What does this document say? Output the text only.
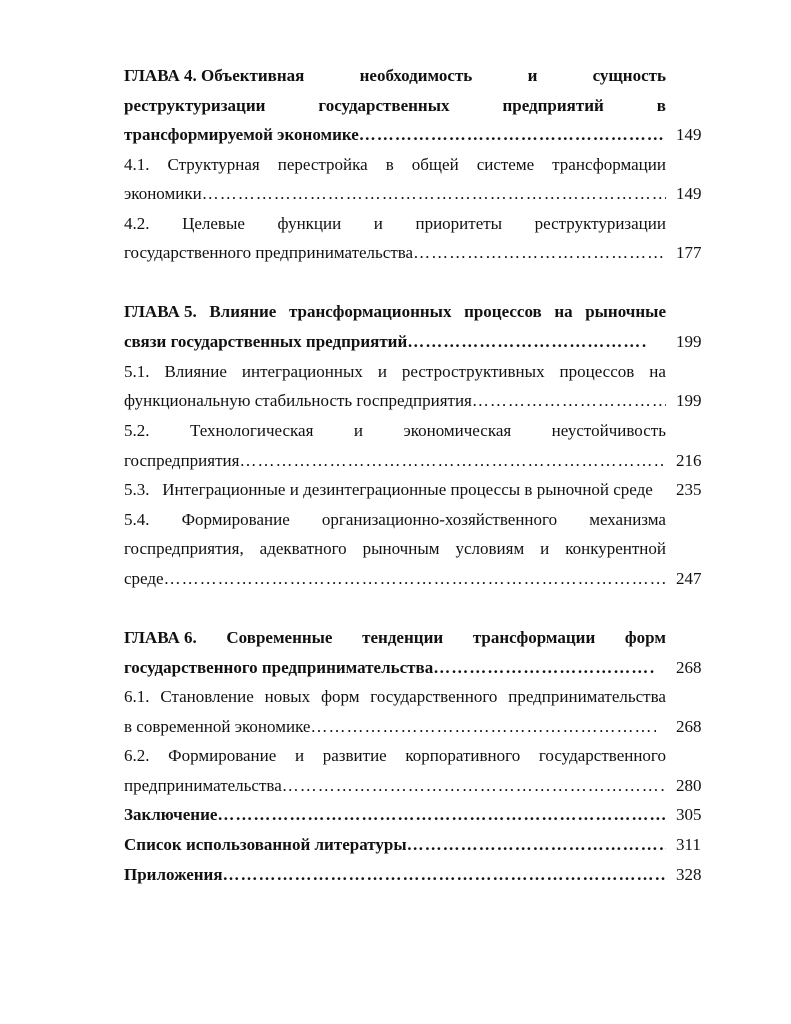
ГЛАВА 4. Объективная	необходимость	и	сущность
реструктуризации	государственных	предприятий	в
трансформируемой экономике ………………………………………………………………………………………………………………………………………………………………………………………………………………………	149
4.1. Структурная перестройка в общей системе трансформации
экономики ………………………………………………………………………………………………………………………………………………………………………………………………………………………	149
4.2. Целевые функции и приоритеты реструктуризации
государственного предпринимательства ………………………………………………………………………………………………………………………………………………………………………………………………………………………	177
ГЛАВА 5. Влияние трансформационных процессов на рыночные
связи государственных предприятий ………………………………………………………………………………………………………………………………………………………………………………………………………………………	199
5.1. Влияние интеграционных и рестроструктивных процессов на
функциональную стабильность госпредприятия ………………………………………………………………………………………………………………………………………………………………………………………………………………………	199
5.2. Технологическая и экономическая неустойчивость
госпредприятия ………………………………………………………………………………………………………………………………………………………………………………………………………………………	216
5.3.   Интеграционные и дезинтеграционные процессы в рыночной среде	235
5.4. Формирование организационно-хозяйственного механизма
госпредприятия, адекватного рыночным условиям и конкурентной
среде ………………………………………………………………………………………………………………………………………………………………………………………………………………………	247
ГЛАВА 6. Современные тенденции трансформации форм
государственного предпринимательства ………………………………………………………………………………………………………………………………………………………………………………………………………………………	268
6.1. Становление новых форм государственного предпринимательства
в современной экономике ………………………………………………………………………………………………………………………………………………………………………………………………………………………	268
6.2. Формирование и развитие корпоративного государственного
предпринимательства ………………………………………………………………………………………………………………………………………………………………………………………………………………………	280
Заключение ………………………………………………………………………………………………………………………………………………………………………………………………………………………	305
Список использованной литературы ………………………………………………………………………………………………………………………………………………………………………………………………………………………	311
Приложения ………………………………………………………………………………………………………………………………………………………………………………………………………………………	328
